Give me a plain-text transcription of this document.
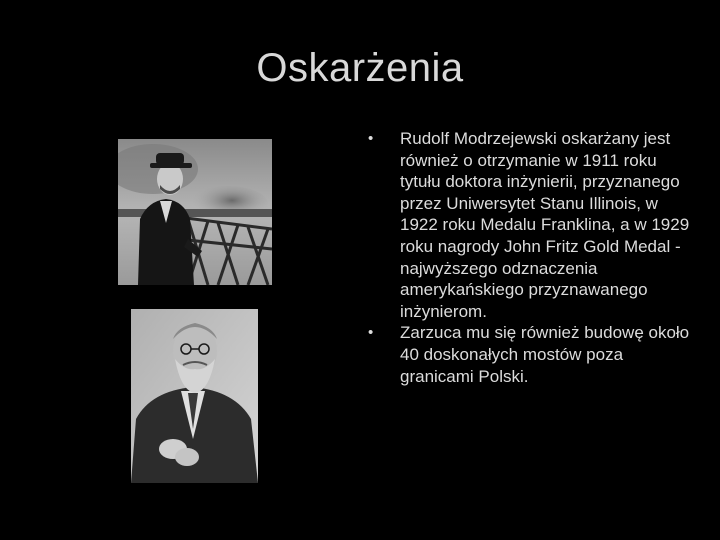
Oskarżenia
• Rudolf Modrzejewski oskarżany jest również o otrzymanie w 1911 roku tytułu doktora inżynierii, przyznanego przez Uniwersytet Stanu Illinois, w 1922 roku Medalu Franklina, a w 1929 roku nagrody John Fritz Gold Medal - najwyższego odznaczenia amerykańskiego przyznawanego inżynierom.
• Zarzuca mu się również budowę około 40 doskonałych mostów poza granicami Polski.
